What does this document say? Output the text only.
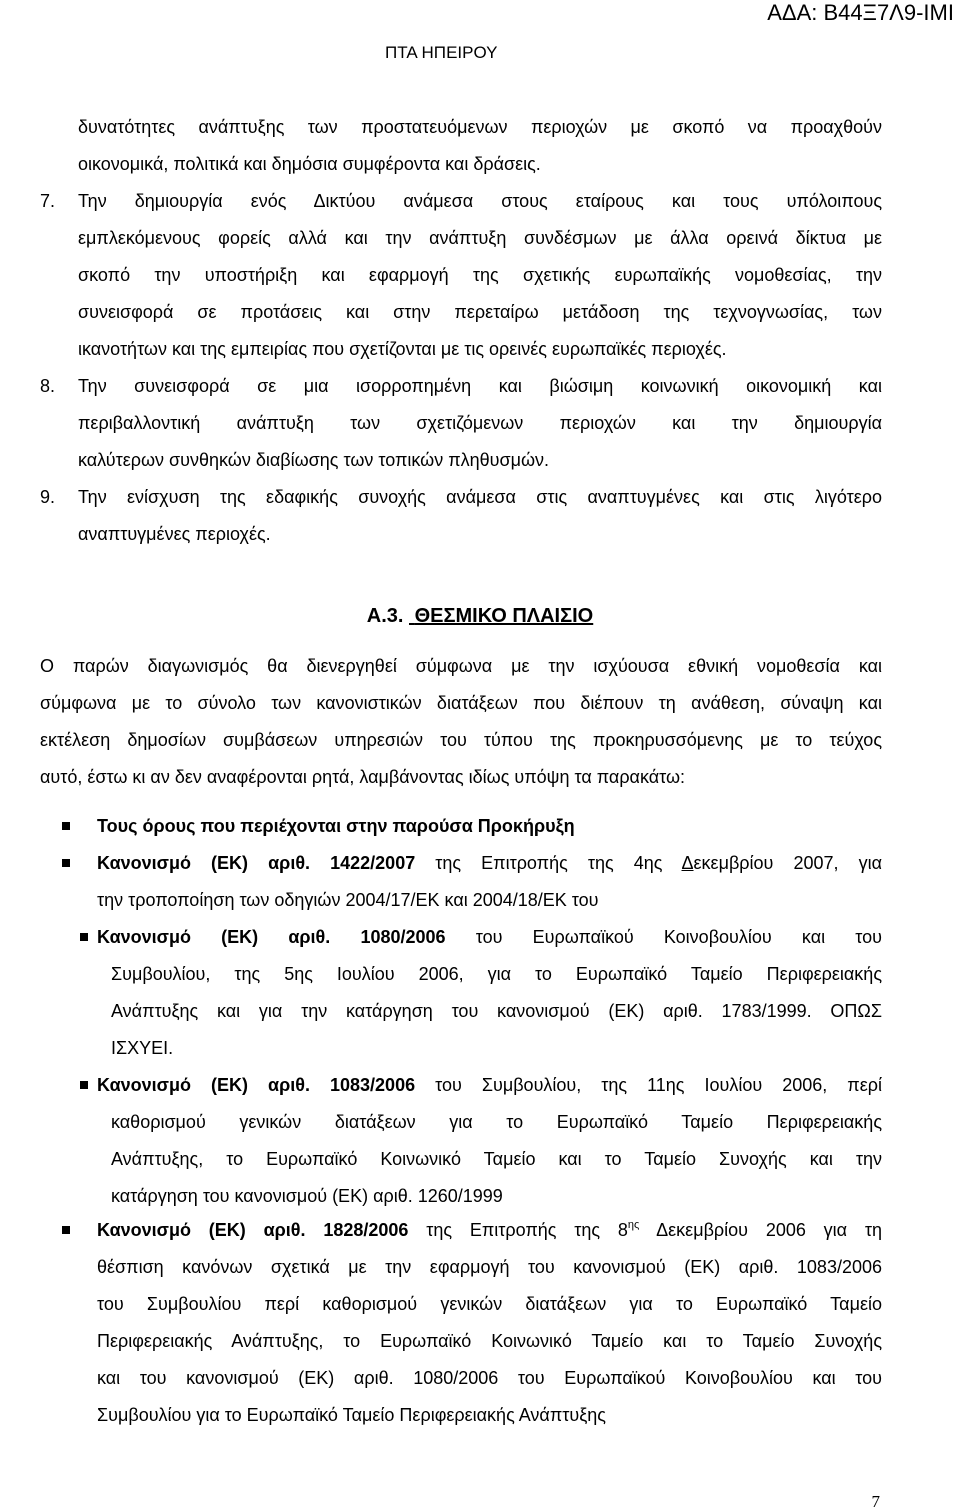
ΑΔΑ: Β44Ξ7Λ9-ΙΜΙ

ΠΤΑ ΗΠΕΙΡΟΥ

δυνατότητες ανάπτυξης των προστατευόμενων περιοχών με σκοπό να προαχθούν

οικονομικά, πολιτικά και δημόσια συμφέροντα και δράσεις.

7. Την δημιουργία ενός Δικτύου ανάμεσα στους εταίρους και τους υπόλοιπους

εμπλεκόμενους φορείς αλλά και την ανάπτυξη συνδέσμων με άλλα ορεινά δίκτυα με

σκοπό την υποστήριξη και εφαρμογή της σχετικής ευρωπαϊκής νομοθεσίας, την

συνεισφορά σε προτάσεις και στην περεταίρω μετάδοση της τεχνογνωσίας, των

ικανοτήτων και της εμπειρίας που σχετίζονται με τις ορεινές ευρωπαϊκές περιοχές.

8. Την συνεισφορά σε μια ισορροπημένη και βιώσιμη κοινωνική οικονομική και

περιβαλλοντική ανάπτυξη των σχετιζόμενων περιοχών και την δημιουργία

καλύτερων συνθηκών διαβίωσης των τοπικών πληθυσμών.

9. Την ενίσχυση της εδαφικής συνοχής ανάμεσα στις αναπτυγμένες και στις λιγότερο

αναπτυγμένες περιοχές.

Α.3. ΘΕΣΜΙΚΟ ΠΛΑΙΣΙΟ

Ο παρών διαγωνισμός θα διενεργηθεί σύμφωνα με την ισχύουσα εθνική νομοθεσία και

σύμφωνα με το σύνολο των κανονιστικών διατάξεων που διέπουν τη ανάθεση, σύναψη και

εκτέλεση δημοσίων συμβάσεων υπηρεσιών του τύπου της προκηρυσσόμενης με το τεύχος

αυτό, έστω κι αν δεν αναφέρονται ρητά, λαμβάνοντας ιδίως υπόψη τα παρακάτω:

Τους όρους που περιέχονται στην παρούσα Προκήρυξη

Κανονισμό (ΕΚ) αριθ. 1422/2007 της Επιτροπής της 4ης Δεκεμβρίου 2007, για

την τροποποίηση των οδηγιών 2004/17/ΕΚ και 2004/18/ΕΚ του

Κανονισμό (ΕΚ) αριθ. 1080/2006 του Ευρωπαϊκού Κοινοβουλίου και του

Συμβουλίου, της 5ης Ιουλίου 2006, για το Ευρωπαϊκό Ταμείο Περιφερειακής

Ανάπτυξης και για την κατάργηση του κανονισμού (ΕΚ) αριθ. 1783/1999. ΟΠΩΣ

ΙΣΧΥΕΙ.

Κανονισμό (ΕΚ) αριθ. 1083/2006 του Συμβουλίου, της 11ης Ιουλίου 2006, περί

καθορισμού γενικών διατάξεων για το Ευρωπαϊκό Ταμείο Περιφερειακής

Ανάπτυξης, το Ευρωπαϊκό Κοινωνικό Ταμείο και το Ταμείο Συνοχής και την

κατάργηση του κανονισμού (ΕΚ) αριθ. 1260/1999

Κανονισμό (ΕΚ) αριθ. 1828/2006 της Επιτροπής της $8^{\eta\varsigma}$ Δεκεμβρίου 2006 για τη

θέσπιση κανόνων σχετικά με την εφαρμογή του κανονισμού (ΕΚ) αριθ. 1083/2006

του Συμβουλίου περί καθορισμού γενικών διατάξεων για το Ευρωπαϊκό Ταμείο

Περιφερειακής Ανάπτυξης, το Ευρωπαϊκό Κοινωνικό Ταμείο και το Ταμείο Συνοχής

και του κανονισμού (ΕΚ) αριθ. 1080/2006 του Ευρωπαϊκού Κοινοβουλίου και του

Συμβουλίου για το Ευρωπαϊκό Ταμείο Περιφερειακής Ανάπτυξης

7
